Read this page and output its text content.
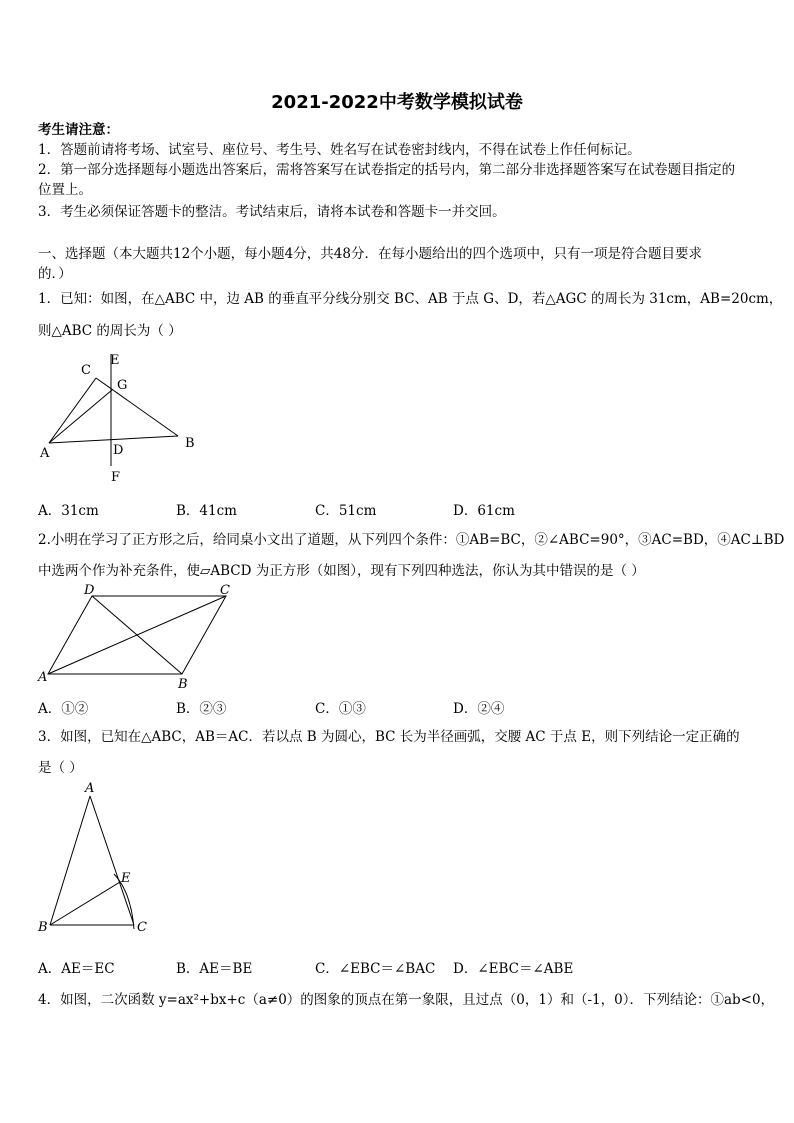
2021-2022中考数学模拟试卷
考生请注意：
1．答题前请将考场、试室号、座位号、考生号、姓名写在试卷密封线内，不得在试卷上作任何标记。
2．第一部分选择题每小题选出答案后，需将答案写在试卷指定的括号内，第二部分非选择题答案写在试卷题目指定的
位置上。
3．考生必须保证答题卡的整洁。考试结束后，请将本试卷和答题卡一并交回。
一、选择题（本大题共12个小题，每小题4分，共48分．在每小题给出的四个选项中，只有一项是符合题目要求
的．）
1．已知：如图，在△ABC 中，边 AB 的垂直平分线分别交 BC、AB 于点 G、D，若△AGC 的周长为 31cm，AB=20cm，
则△ABC 的周长为（ ）
E
C
G
A	D	B
F
A．31cm	B．41cm	C．51cm	D．61cm
2.小明在学习了正方形之后，给同桌小文出了道题，从下列四个条件：①AB=BC，②∠ABC=90°，③AC=BD，④AC⊥BD
中选两个作为补充条件，使▱ABCD 为正方形（如图），现有下列四种选法，你认为其中错误的是（ ）
D	C
A	B
A．①②	B．②③	C．①③	D．②④
3．如图，已知在△ABC，AB＝AC．若以点 B 为圆心，BC 长为半径画弧，交腰 AC 于点 E，则下列结论一定正确的
是（ ）
A
E
B	C
A．AE＝EC	B．AE＝BE	C．∠EBC＝∠BAC D．∠EBC＝∠ABE
4．如图，二次函数 y=ax²+bx+c（a≠0）的图象的顶点在第一象限，且过点（0，1）和（-1，0）．下列结论：①ab<0，
